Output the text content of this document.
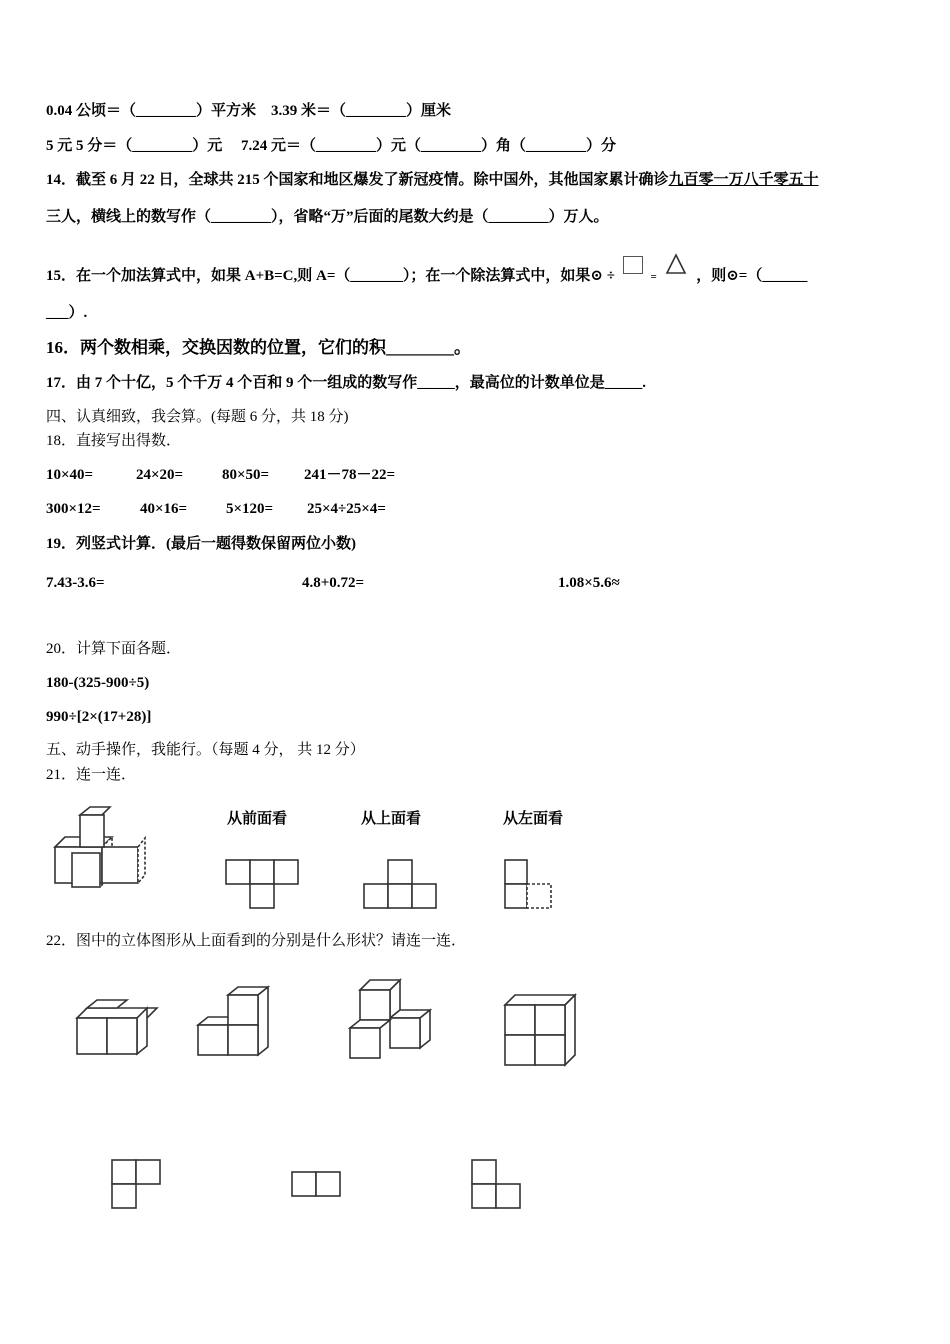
0.04 公顷＝（________）平方米　3.39 米＝（________）厘米
5 元 5 分＝（________）元　 7.24 元＝（________）元（________）角（________）分
14．截至 6 月 22 日，全球共 215 个国家和地区爆发了新冠疫情。除中国外，其他国家累计确诊九百零一万八千零五十
三人，横线上的数写作（________），省略“万”后面的尾数大约是（________）万人。
15．在一个加法算式中，如果 A+B=C,则 A=（_______）；在一个除法算式中，如果⊙ ÷	=	，则⊙=（______
___）.
16．两个数相乘，交换因数的位置，它们的积________。
17．由 7 个十亿，5 个千万 4 个百和 9 个一组成的数写作_____，最高位的计数单位是_____.
四、认真细致，我会算。(每题 6 分，共 18 分)
18．直接写出得数．
10×40=	24×20=	80×50= 241－78－22=
300×12=	40×16=	5×120= 25×4÷25×4=
19．列竖式计算．(最后一题得数保留两位小数)
7.43-3.6=	4.8+0.72=	1.08×5.6≈
20．计算下面各题．
180-(325-900÷5)
990÷[2×(17+28)]
五、动手操作，我能行。（每题 4 分， 共 12 分）
21．连一连．
从前面看	从上面看	从左面看
22．图中的立体图形从上面看到的分别是什么形状？请连一连．
